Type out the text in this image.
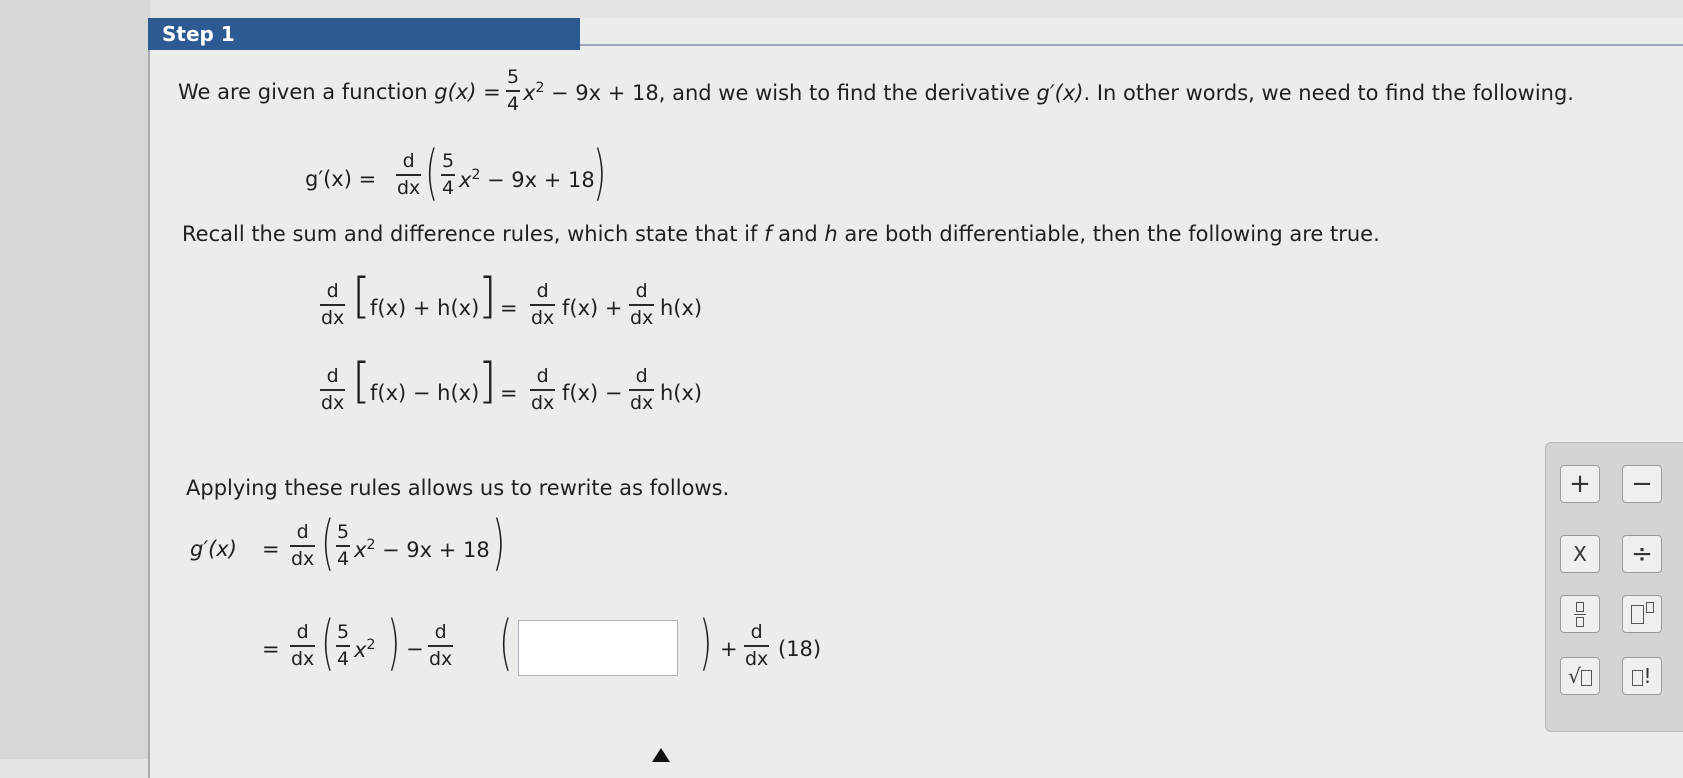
Step 1
We are given a function g(x) =
5
4 $x^2 - 9x + 18$, and we wish to find the derivative g′(x). In other words, we need to find the following.
g′(x) =
d
dx ( 5
4 $x^2 - 9x + 18$
)
Recall the sum and difference rules, which state that if f and h are both differentiable, then the following are true.
d
dx [ f(x) + h(x)
] =
d
dx f(x) +
d
dx h(x)
d
dx [ f(x) − h(x)
] =
d
dx f(x) −
d
dx h(x)
Applying these rules allows us to rewrite as follows.
g′(x) =
d
dx ( 5
4 $x^2 - 9x + 18$ )
=
d
dx ( 5
4 $x^2$ ) −
d
dx (	) +
d
dx (18)
+	−
X	÷
√	!
